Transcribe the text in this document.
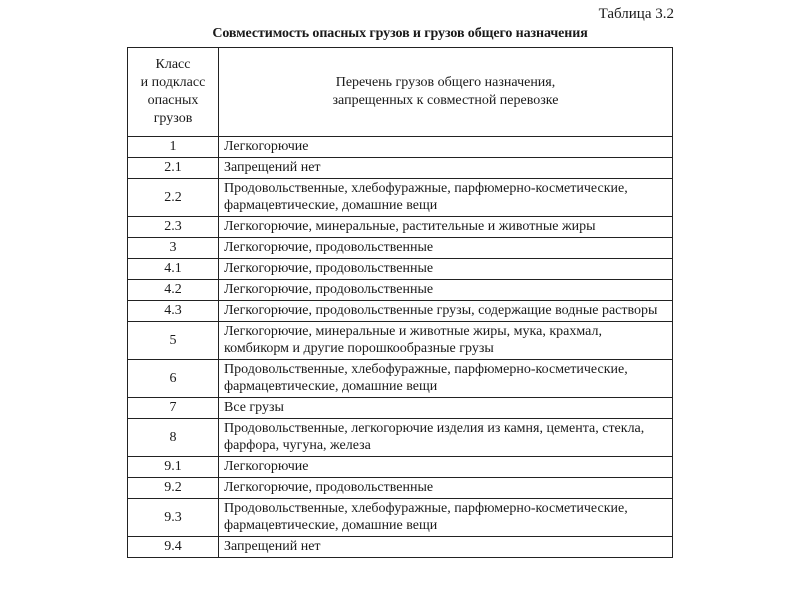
Таблица 3.2
Совместимость опасных грузов и грузов общего назначения
Класс
и подкласс
опасных
грузов	Перечень грузов общего назначения,
запрещенных к совместной перевозке

1	Легкогорючие
2.1	Запрещений нет
2.2	Продовольственные, хлебофуражные, парфюмерно-косметические, фармацевтические, домашние вещи
2.3	Легкогорючие, минеральные, растительные и животные жиры
3	Легкогорючие, продовольственные
4.1	Легкогорючие, продовольственные
4.2	Легкогорючие, продовольственные
4.3	Легкогорючие, продовольственные грузы, содержащие водные растворы
5	Легкогорючие, минеральные и животные жиры, мука, крахмал, комбикорм и другие порошкообразные грузы
6	Продовольственные, хлебофуражные, парфюмерно-косметические, фармацевтические, домашние вещи
7	Все грузы
8	Продовольственные, легкогорючие изделия из камня, цемента, стекла, фарфора, чугуна, железа
9.1	Легкогорючие
9.2	Легкогорючие, продовольственные
9.3	Продовольственные, хлебофуражные, парфюмерно-косметические, фармацевтические, домашние вещи
9.4	Запрещений нет
